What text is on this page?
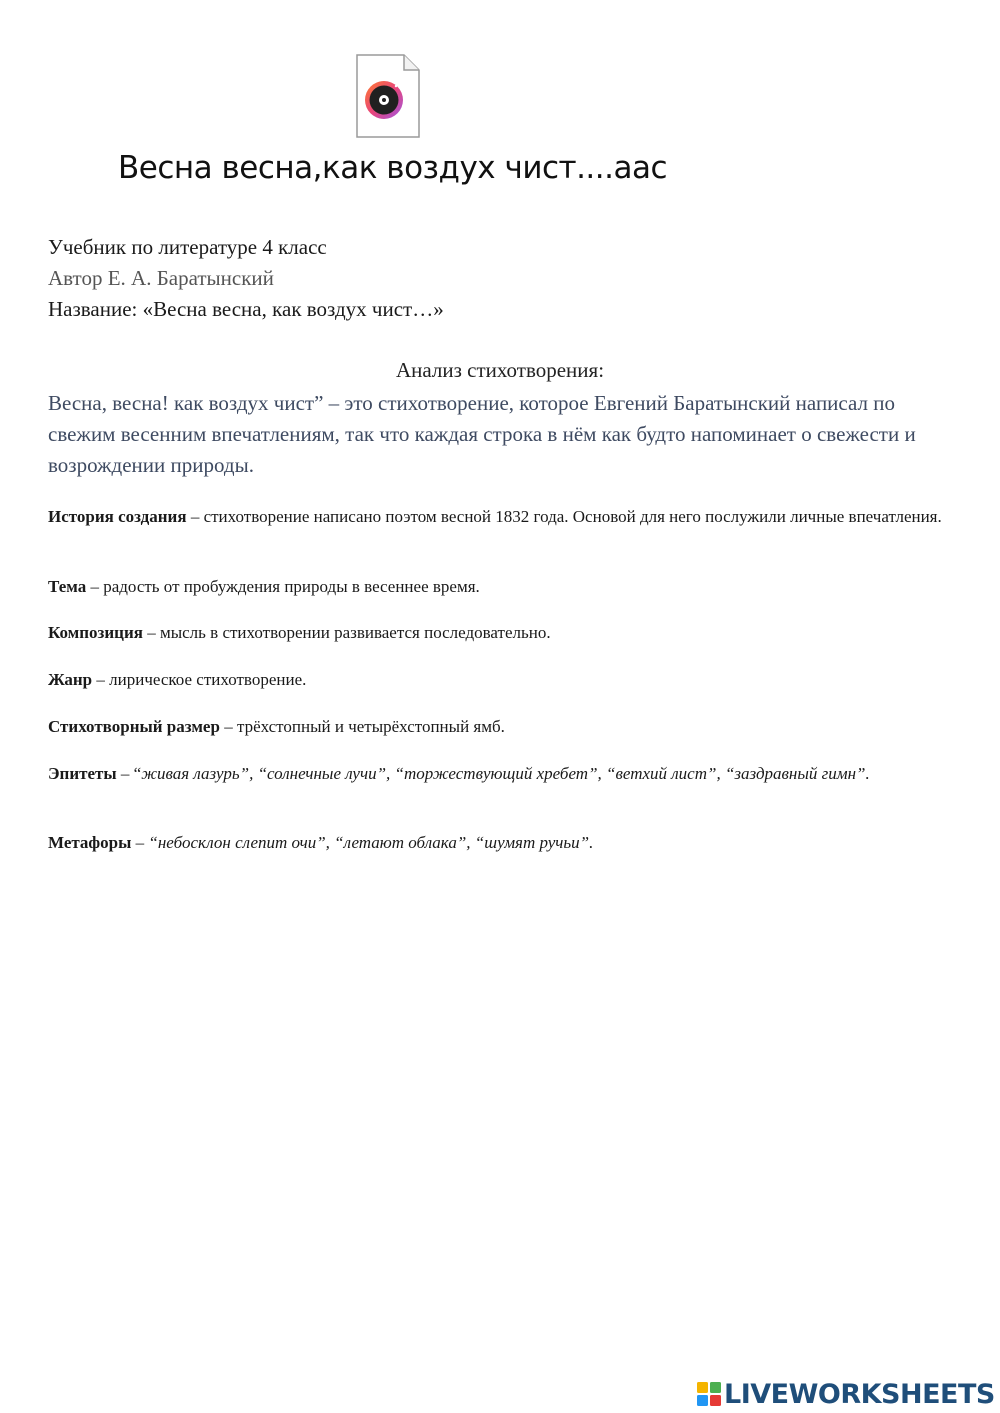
Весна весна,как воздух чист....аас
Учебник по литературе 4 класс
Автор Е. А. Баратынский
Название: «Весна весна, как воздух чист…»
Анализ стихотворения:

Весна, весна! как воздух чист” – это стихотворение, которое Евгений Баратынский написал по свежим весенним впечатлениям, так что каждая строка в нём как будто напоминает о свежести и возрождении природы.

История создания – стихотворение написано поэтом весной 1832 года. Основой для него послужили личные впечатления.

Тема – радость от пробуждения природы в весеннее время.

Композиция – мысль в стихотворении развивается последовательно.

Жанр – лирическое стихотворение.

Стихотворный размер – трёхстопный и четырёхстопный ямб.

Эпитеты – “живая лазурь”, “солнечные лучи”, “торжествующий хребет”, “ветхий лист”, “заздравный гимн”.

Метафоры – “небосклон слепит очи”, “летают облака”, “шумят ручьи”.

LIVEWORKSHEETS
